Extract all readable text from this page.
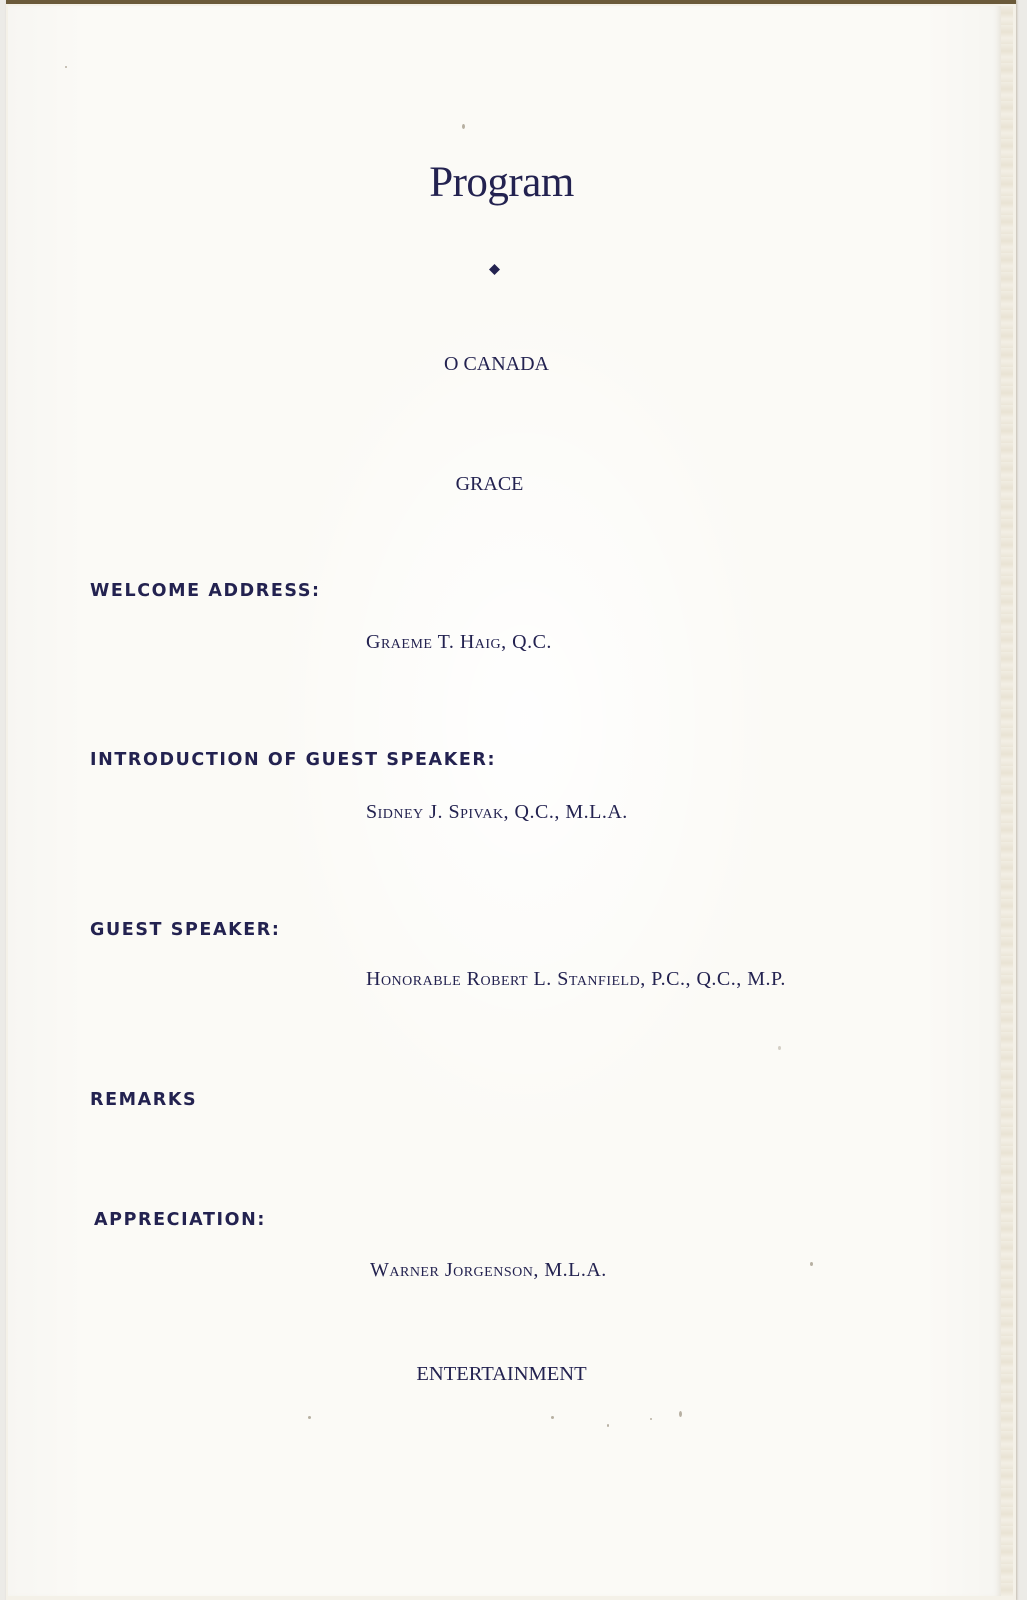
Program
O CANADA
GRACE
WELCOME ADDRESS:
Graeme T. Haig, Q.C.
INTRODUCTION OF GUEST SPEAKER:
Sidney J. Spivak, Q.C., M.L.A.
GUEST SPEAKER:
Honorable Robert L. Stanfield, P.C., Q.C., M.P.
REMARKS
APPRECIATION:
Warner Jorgenson, M.L.A.
ENTERTAINMENT
